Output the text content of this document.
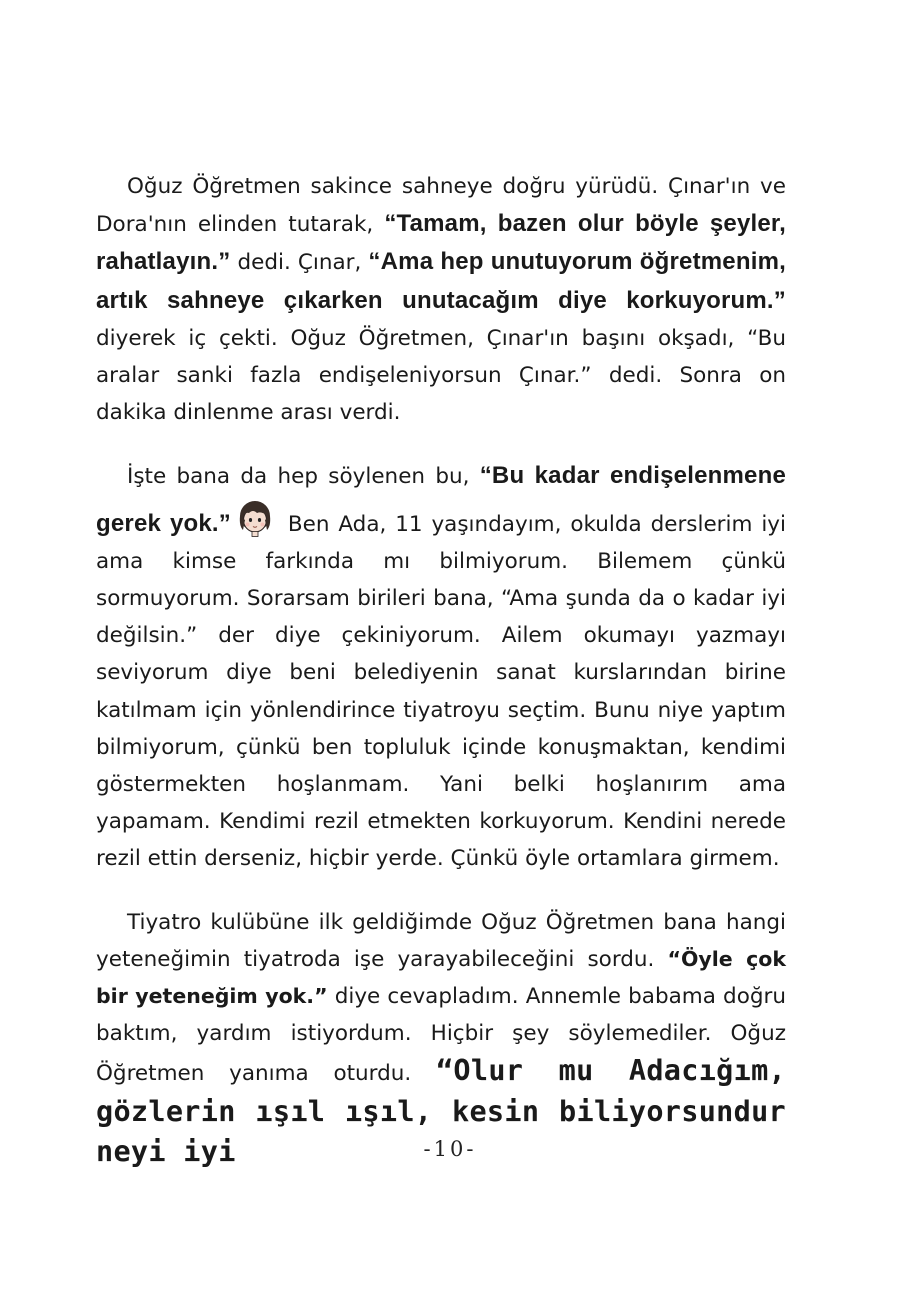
Oğuz Öğretmen sakince sahneye doğru yürüdü. Çınar'ın ve Dora'nın elinden tutarak, “Tamam, bazen olur böyle şeyler, rahatlayın.” dedi. Çınar, “Ama hep unutuyorum öğretmenim, artık sahneye çıkarken unutacağım diye korkuyorum.” diyerek iç çekti. Oğuz Öğretmen, Çınar'ın başını okşadı, “Bu aralar sanki fazla endişeleniyorsun Çınar.” dedi. Sonra on dakika dinlenme arası verdi.

İşte bana da hep söylenen bu, “Bu kadar endişelenmene gerek yok.” Ben Ada, 11 yaşındayım, okulda derslerim iyi ama kimse farkında mı bilmiyorum. Bilemem çünkü sormuyorum. Sorarsam birileri bana, “Ama şunda da o kadar iyi değilsin.” der diye çekiniyorum. Ailem okumayı yazmayı seviyorum diye beni belediyenin sanat kurslarından birine katılmam için yönlendirince tiyatroyu seçtim. Bunu niye yaptım bilmiyorum, çünkü ben topluluk içinde konuşmaktan, kendimi göstermekten hoşlanmam. Yani belki hoşlanırım ama yapamam. Kendimi rezil etmekten korkuyorum. Kendini nerede rezil ettin derseniz, hiçbir yerde. Çünkü öyle ortamlara girmem.

Tiyatro kulübüne ilk geldiğimde Oğuz Öğretmen bana hangi yeteneğimin tiyatroda işe yarayabileceğini sordu. “Öyle çok bir yeteneğim yok.” diye cevapladım. Annemle babama doğru baktım, yardım istiyordum. Hiçbir şey söylemediler. Oğuz Öğretmen yanıma oturdu. “Olur mu Adacığım, gözlerin ışıl ışıl, kesin biliyorsundur neyi iyi	-10-
